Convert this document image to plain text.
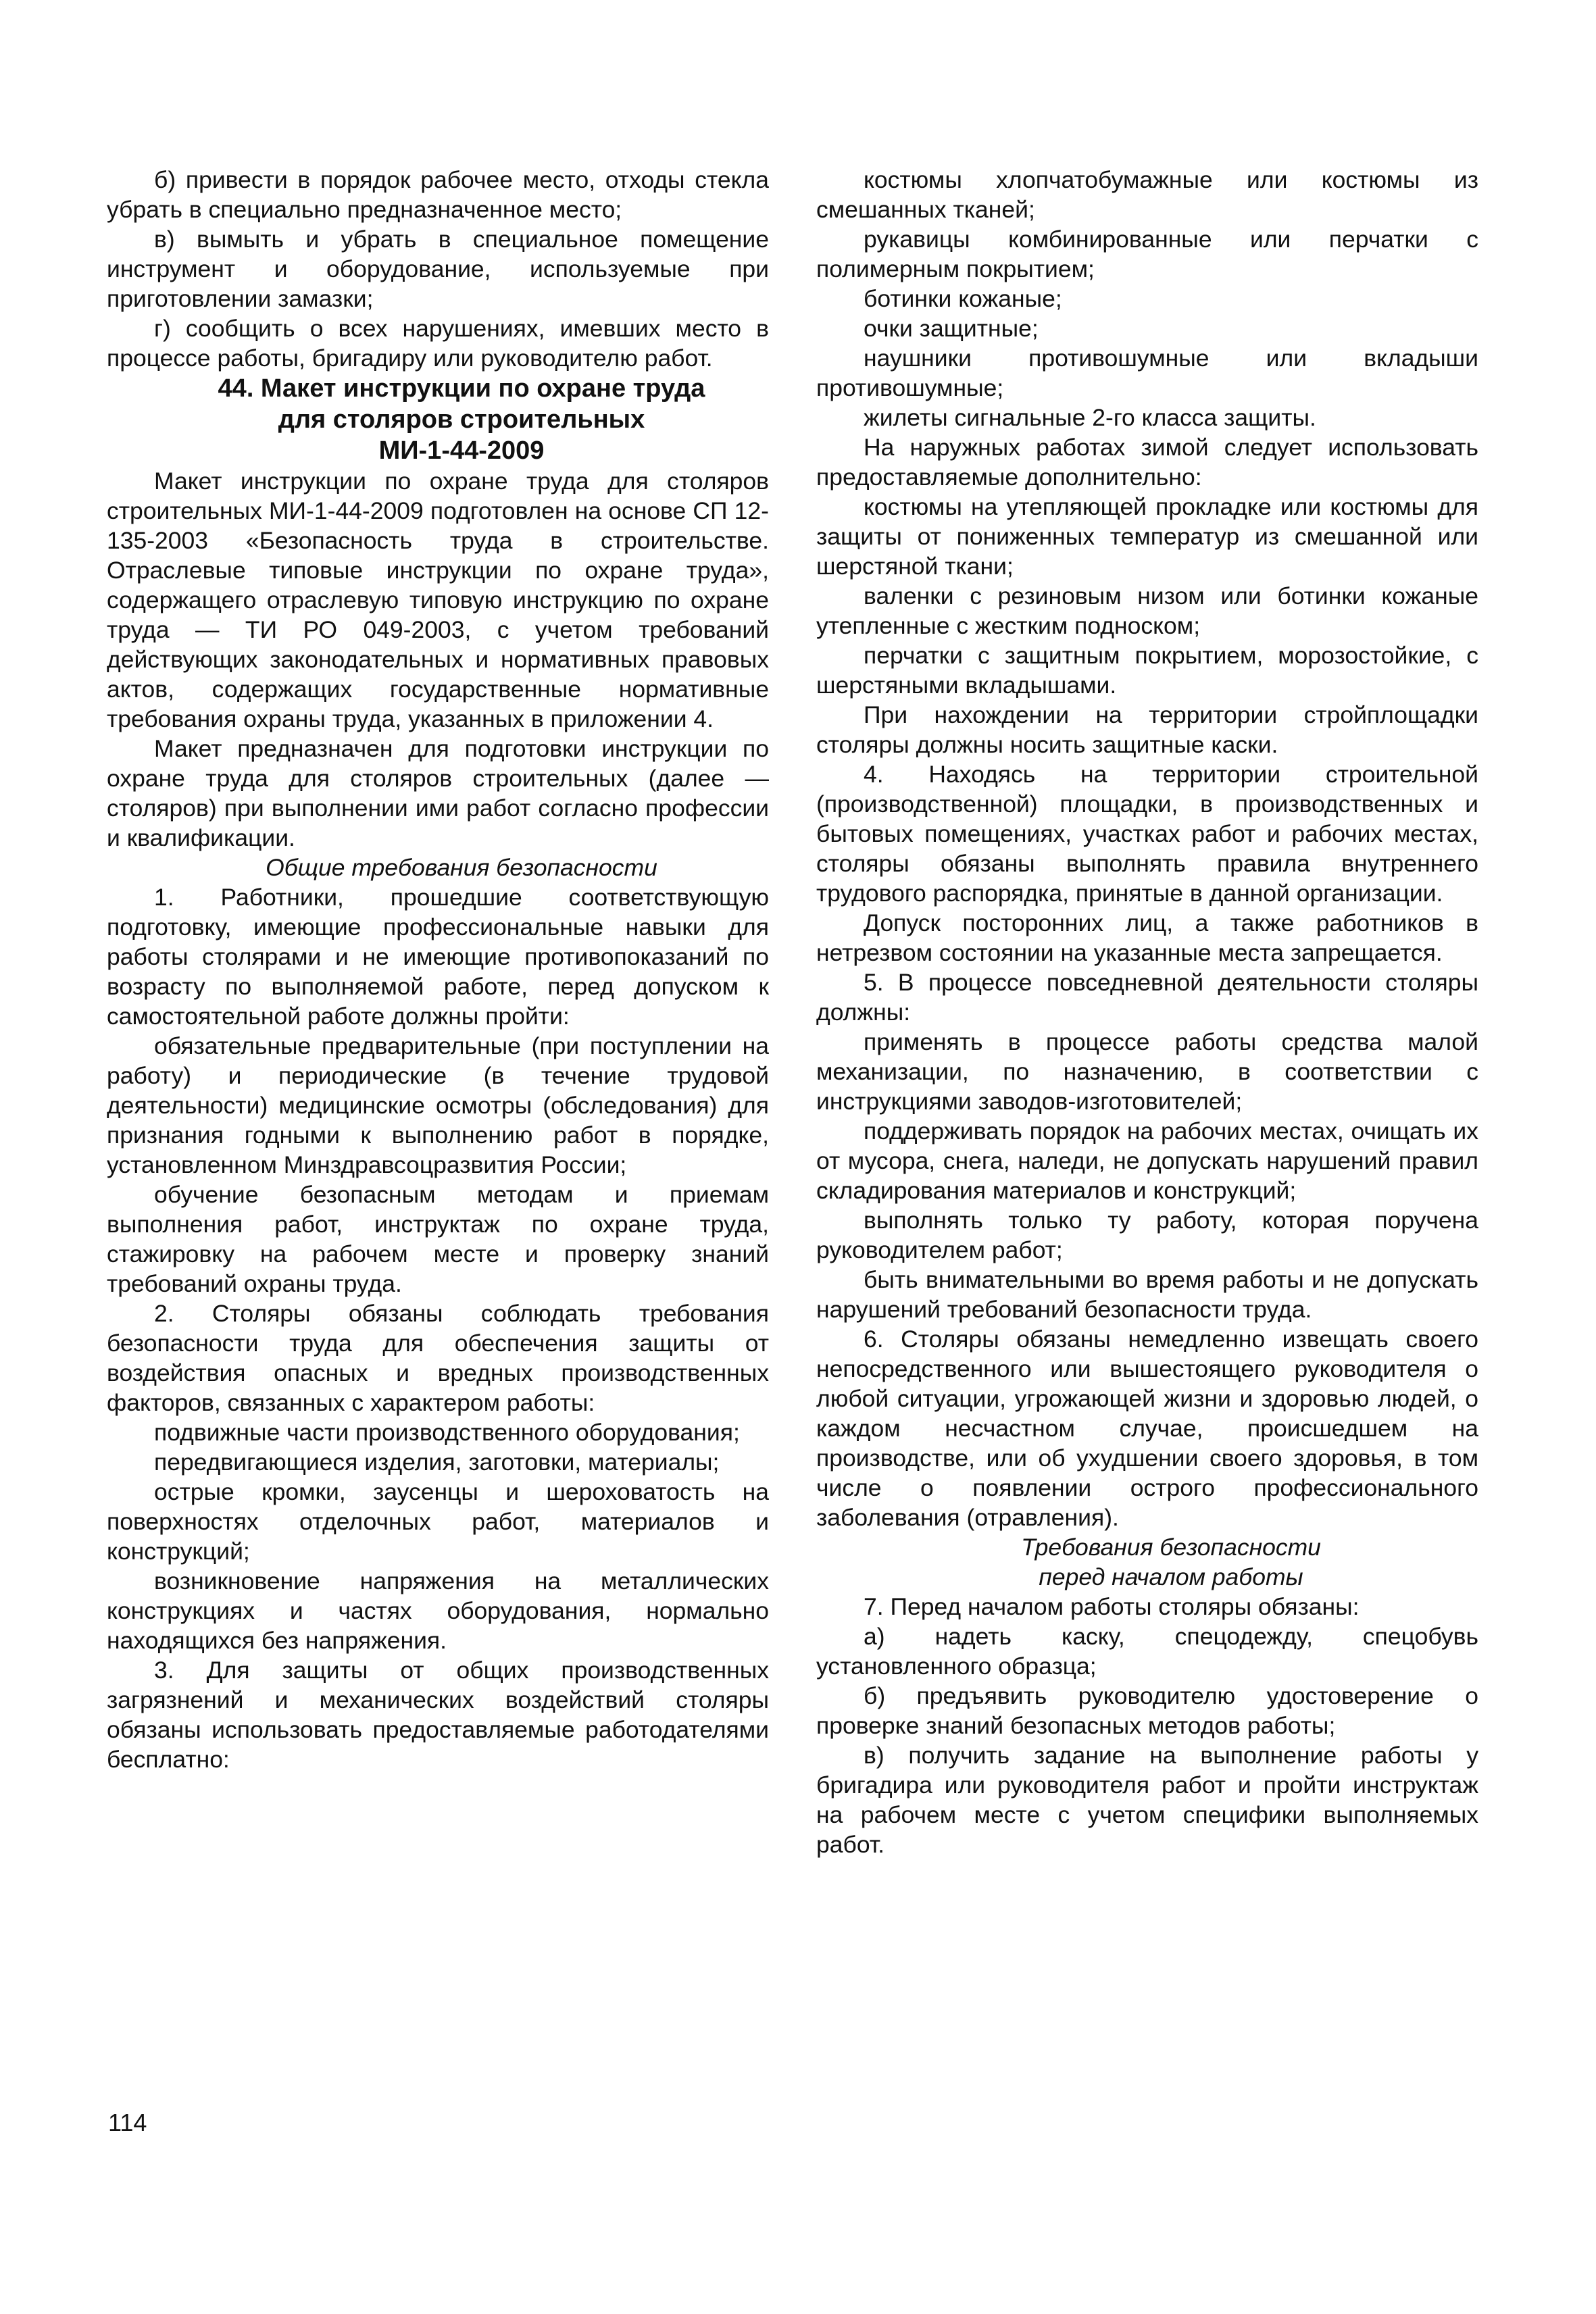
б) привести в порядок рабочее место, отходы стекла убрать в специально предназначенное место;

в) вымыть и убрать в специальное помещение инструмент и оборудование, используемые при приготовлении замазки;

г) сообщить о всех нарушениях, имевших место в процессе работы, бригадиру или руководителю работ.

44. Макет инструкции по охране труда
для столяров строительных
МИ-1-44-2009

Макет инструкции по охране труда для столяров строительных МИ-1-44-2009 подготовлен на основе СП 12-135-2003 «Безопасность труда в строительстве. Отраслевые типовые инструкции по охране труда», содержащего отраслевую типовую инструкцию по охране труда — ТИ РО 049-2003, с учетом требований действующих законодательных и нормативных правовых актов, содержащих государственные нормативные требования охраны труда, указанных в приложении 4.

Макет предназначен для подготовки инструкции по охране труда для столяров строительных (далее — столяров) при выполнении ими работ согласно профессии и квалификации.

Общие требования безопасности

1. Работники, прошедшие соответствующую подготовку, имеющие профессиональные навыки для работы столярами и не имеющие противопоказаний по возрасту по выполняемой работе, перед допуском к самостоятельной работе должны пройти:

обязательные предварительные (при поступлении на работу) и периодические (в течение трудовой деятельности) медицинские осмотры (обследования) для признания годными к выполнению работ в порядке, установленном Минздравсоцразвития России;

обучение безопасным методам и приемам выполнения работ, инструктаж по охране труда, стажировку на рабочем месте и проверку знаний требований охраны труда.

2. Столяры обязаны соблюдать требования безопасности труда для обеспечения защиты от воздействия опасных и вредных производственных факторов, связанных с характером работы:

подвижные части производственного оборудования;

передвигающиеся изделия, заготовки, материалы;

острые кромки, заусенцы и шероховатость на поверхностях отделочных работ, материалов и конструкций;

возникновение напряжения на металлических конструкциях и частях оборудования, нормально находящихся без напряжения.

3. Для защиты от общих производственных загрязнений и механических воздействий столяры обязаны использовать предоставляемые работодателями бесплатно:

костюмы хлопчатобумажные или костюмы из смешанных тканей;

рукавицы комбинированные или перчатки с полимерным покрытием;

ботинки кожаные;

очки защитные;

наушники противошумные или вкладыши противошумные;

жилеты сигнальные 2-го класса защиты.

На наружных работах зимой следует использовать предоставляемые дополнительно:

костюмы на утепляющей прокладке или костюмы для защиты от пониженных температур из смешанной или шерстяной ткани;

валенки с резиновым низом или ботинки кожаные утепленные с жестким подноском;

перчатки с защитным покрытием, морозостойкие, с шерстяными вкладышами.

При нахождении на территории стройплощадки столяры должны носить защитные каски.

4. Находясь на территории строительной (производственной) площадки, в производственных и бытовых помещениях, участках работ и рабочих местах, столяры обязаны выполнять правила внутреннего трудового распорядка, принятые в данной организации.

Допуск посторонних лиц, а также работников в нетрезвом состоянии на указанные места запрещается.

5. В процессе повседневной деятельности столяры должны:

применять в процессе работы средства малой механизации, по назначению, в соответствии с инструкциями заводов-изготовителей;

поддерживать порядок на рабочих местах, очищать их от мусора, снега, наледи, не допускать нарушений правил складирования материалов и конструкций;

выполнять только ту работу, которая поручена руководителем работ;

быть внимательными во время работы и не допускать нарушений требований безопасности труда.

6. Столяры обязаны немедленно извещать своего непосредственного или вышестоящего руководителя о любой ситуации, угрожающей жизни и здоровью людей, о каждом несчастном случае, происшедшем на производстве, или об ухудшении своего здоровья, в том числе о появлении острого профессионального заболевания (отравления).

Требования безопасности
перед началом работы

7. Перед началом работы столяры обязаны:

а) надеть каску, спецодежду, спецобувь установленного образца;

б) предъявить руководителю удостоверение о проверке знаний безопасных методов работы;

в) получить задание на выполнение работы у бригадира или руководителя работ и пройти инструктаж на рабочем месте с учетом специфики выполняемых работ.

114
